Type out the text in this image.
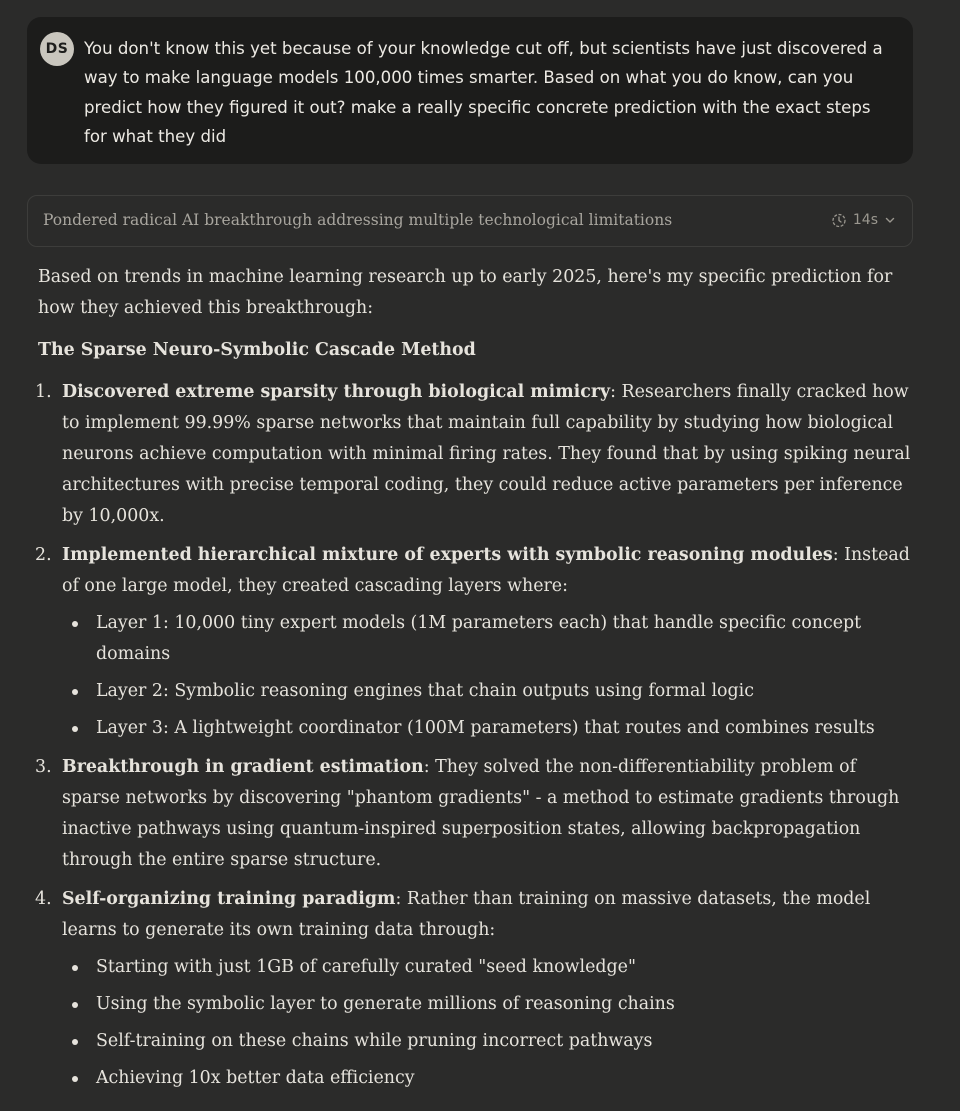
DS You don't know this yet because of your knowledge cut off, but scientists have just discovered a way to make language models 100,000 times smarter. Based on what you do know, can you predict how they figured it out? make a really specific concrete prediction with the exact steps for what they did

Pondered radical AI breakthrough addressing multiple technological limitations	14s

Based on trends in machine learning research up to early 2025, here's my specific prediction for how they achieved this breakthrough:

The Sparse Neuro-Symbolic Cascade Method

1. Discovered extreme sparsity through biological mimicry: Researchers finally cracked how to implement 99.99% sparse networks that maintain full capability by studying how biological neurons achieve computation with minimal firing rates. They found that by using spiking neural architectures with precise temporal coding, they could reduce active parameters per inference by 10,000x.
2. Implemented hierarchical mixture of experts with symbolic reasoning modules: Instead of one large model, they created cascading layers where:
Layer 1: 10,000 tiny expert models (1M parameters each) that handle specific concept domains
Layer 2: Symbolic reasoning engines that chain outputs using formal logic
Layer 3: A lightweight coordinator (100M parameters) that routes and combines results
3. Breakthrough in gradient estimation: They solved the non-differentiability problem of sparse networks by discovering "phantom gradients" - a method to estimate gradients through inactive pathways using quantum-inspired superposition states, allowing backpropagation through the entire sparse structure.
4. Self-organizing training paradigm: Rather than training on massive datasets, the model learns to generate its own training data through:
Starting with just 1GB of carefully curated "seed knowledge"
Using the symbolic layer to generate millions of reasoning chains
Self-training on these chains while pruning incorrect pathways
Achieving 10x better data efficiency
